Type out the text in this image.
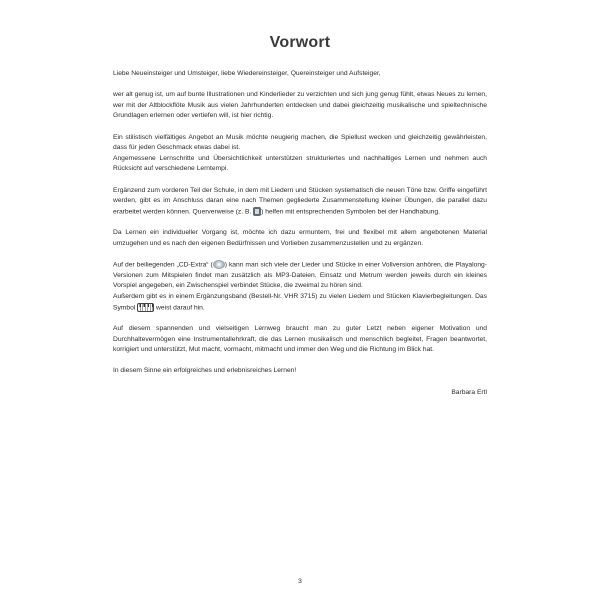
Vorwort

Liebe Neueinsteiger und Umsteiger, liebe Wiedereinsteiger, Quereinsteiger und Aufsteiger,

wer alt genug ist, um auf bunte Illustrationen und Kinderlieder zu verzichten und sich jung genug fühlt, etwas Neues zu lernen, wer mit der Altblockflöte Musik aus vielen Jahrhunderten entdecken und dabei gleichzeitig musikalische und spieltechnische Grundlagen erlernen oder vertiefen will, ist hier richtig.

Ein stilistisch vielfältiges Angebot an Musik möchte neugierig machen, die Spiellust wecken und gleichzeitig gewährleisten, dass für jeden Geschmack etwas dabei ist.

Angemessene Lernschritte und Übersichtlichkeit unterstützen strukturiertes und nachhaltiges Lernen und nehmen auch Rücksicht auf verschiedene Lerntempi.

Ergänzend zum vorderen Teil der Schule, in dem mit Liedern und Stücken systematisch die neuen Töne bzw. Griffe eingeführt werden, gibt es im Anschluss daran eine nach Themen gegliederte Zusammenstellung kleiner Übungen, die parallel dazu erarbeitet werden können. Querverweise (z. B. ) helfen mit entsprechenden Symbolen bei der Handhabung.

Da Lernen ein individueller Vorgang ist, möchte ich dazu ermuntern, frei und flexibel mit allem angebotenen Material umzugehen und es nach den eigenen Bedürfnissen und Vorlieben zusammenzustellen und zu ergänzen.

Auf der beiliegenden „CD-Extra“ ( ) kann man sich viele der Lieder und Stücke in einer Vollversion anhören, die Playalong-Versionen zum Mitspielen findet man zusätzlich als MP3-Dateien. Einsatz und Metrum werden jeweils durch ein kleines Vorspiel angegeben, ein Zwischenspiel verbindet Stücke, die zweimal zu hören sind.

Außerdem gibt es in einem Ergänzungsband (Bestell-Nr. VHR 3715) zu vielen Liedern und Stücken Klavierbegleitungen. Das Symbol	weist darauf hin.

Auf diesem spannenden und vielseitigen Lernweg braucht man zu guter Letzt neben eigener Motivation und Durchhaltevermögen eine Instrumentallehrkraft, die das Lernen musikalisch und menschlich begleitet, Fragen beantwortet, korrigiert und unterstützt, Mut macht, vormacht, mitmacht und immer den Weg und die Richtung im Blick hat.

In diesem Sinne ein erfolgreiches und erlebnisreiches Lernen!

Barbara Ertl

3
